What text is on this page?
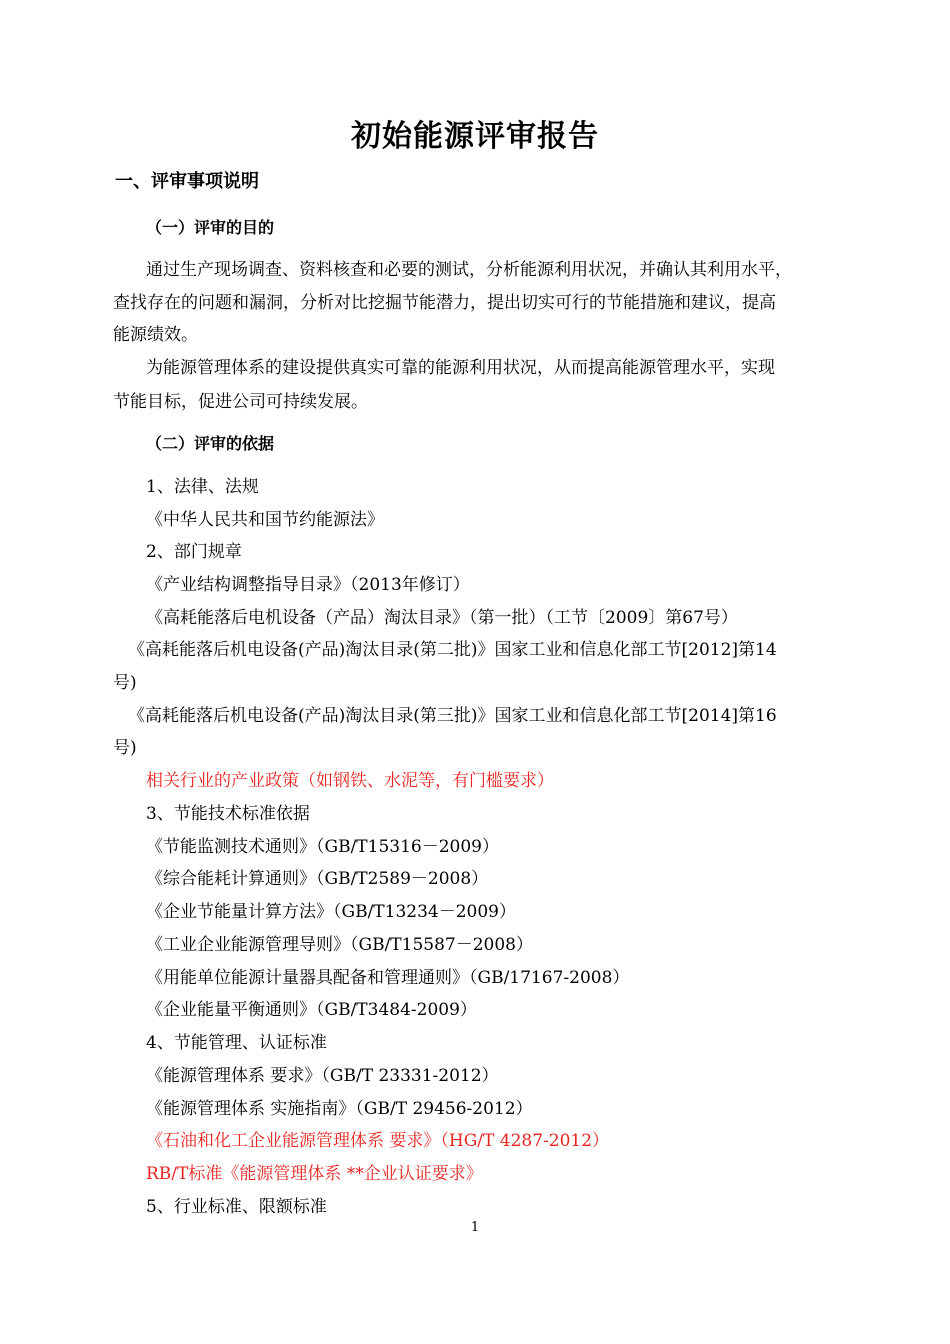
初始能源评审报告
一、评审事项说明
（一）评审的目的
通过生产现场调查、资料核查和必要的测试，分析能源利用状况，并确认其利用水平，
查找存在的问题和漏洞，分析对比挖掘节能潜力，提出切实可行的节能措施和建议，提高
能源绩效。
为能源管理体系的建设提供真实可靠的能源利用状况，从而提高能源管理水平，实现
节能目标，促进公司可持续发展。
（二）评审的依据
1、法律、法规
《中华人民共和国节约能源法》
2、部门规章
《产业结构调整指导目录》（2013年修订）
《高耗能落后电机设备（产品）淘汰目录》（第一批）（工节〔2009〕第67号）
《高耗能落后机电设备(产品)淘汰目录(第二批)》国家工业和信息化部工节[2012]第14
号)
《高耗能落后机电设备(产品)淘汰目录(第三批)》国家工业和信息化部工节[2014]第16
号)
相关行业的产业政策（如钢铁、水泥等，有门槛要求）
3、节能技术标准依据
《节能监测技术通则》（GB/T15316－2009）
《综合能耗计算通则》（GB/T2589－2008）
《企业节能量计算方法》（GB/T13234－2009）
《工业企业能源管理导则》（GB/T15587－2008）
《用能单位能源计量器具配备和管理通则》（GB/17167-2008）
《企业能量平衡通则》（GB/T3484-2009）
4、节能管理、认证标准
《能源管理体系 要求》（GB/T 23331-2012）
《能源管理体系 实施指南》（GB/T 29456-2012）
《石油和化工企业能源管理体系 要求》（HG/T 4287-2012）
RB/T标准《能源管理体系 **企业认证要求》
5、行业标准、限额标准
1
